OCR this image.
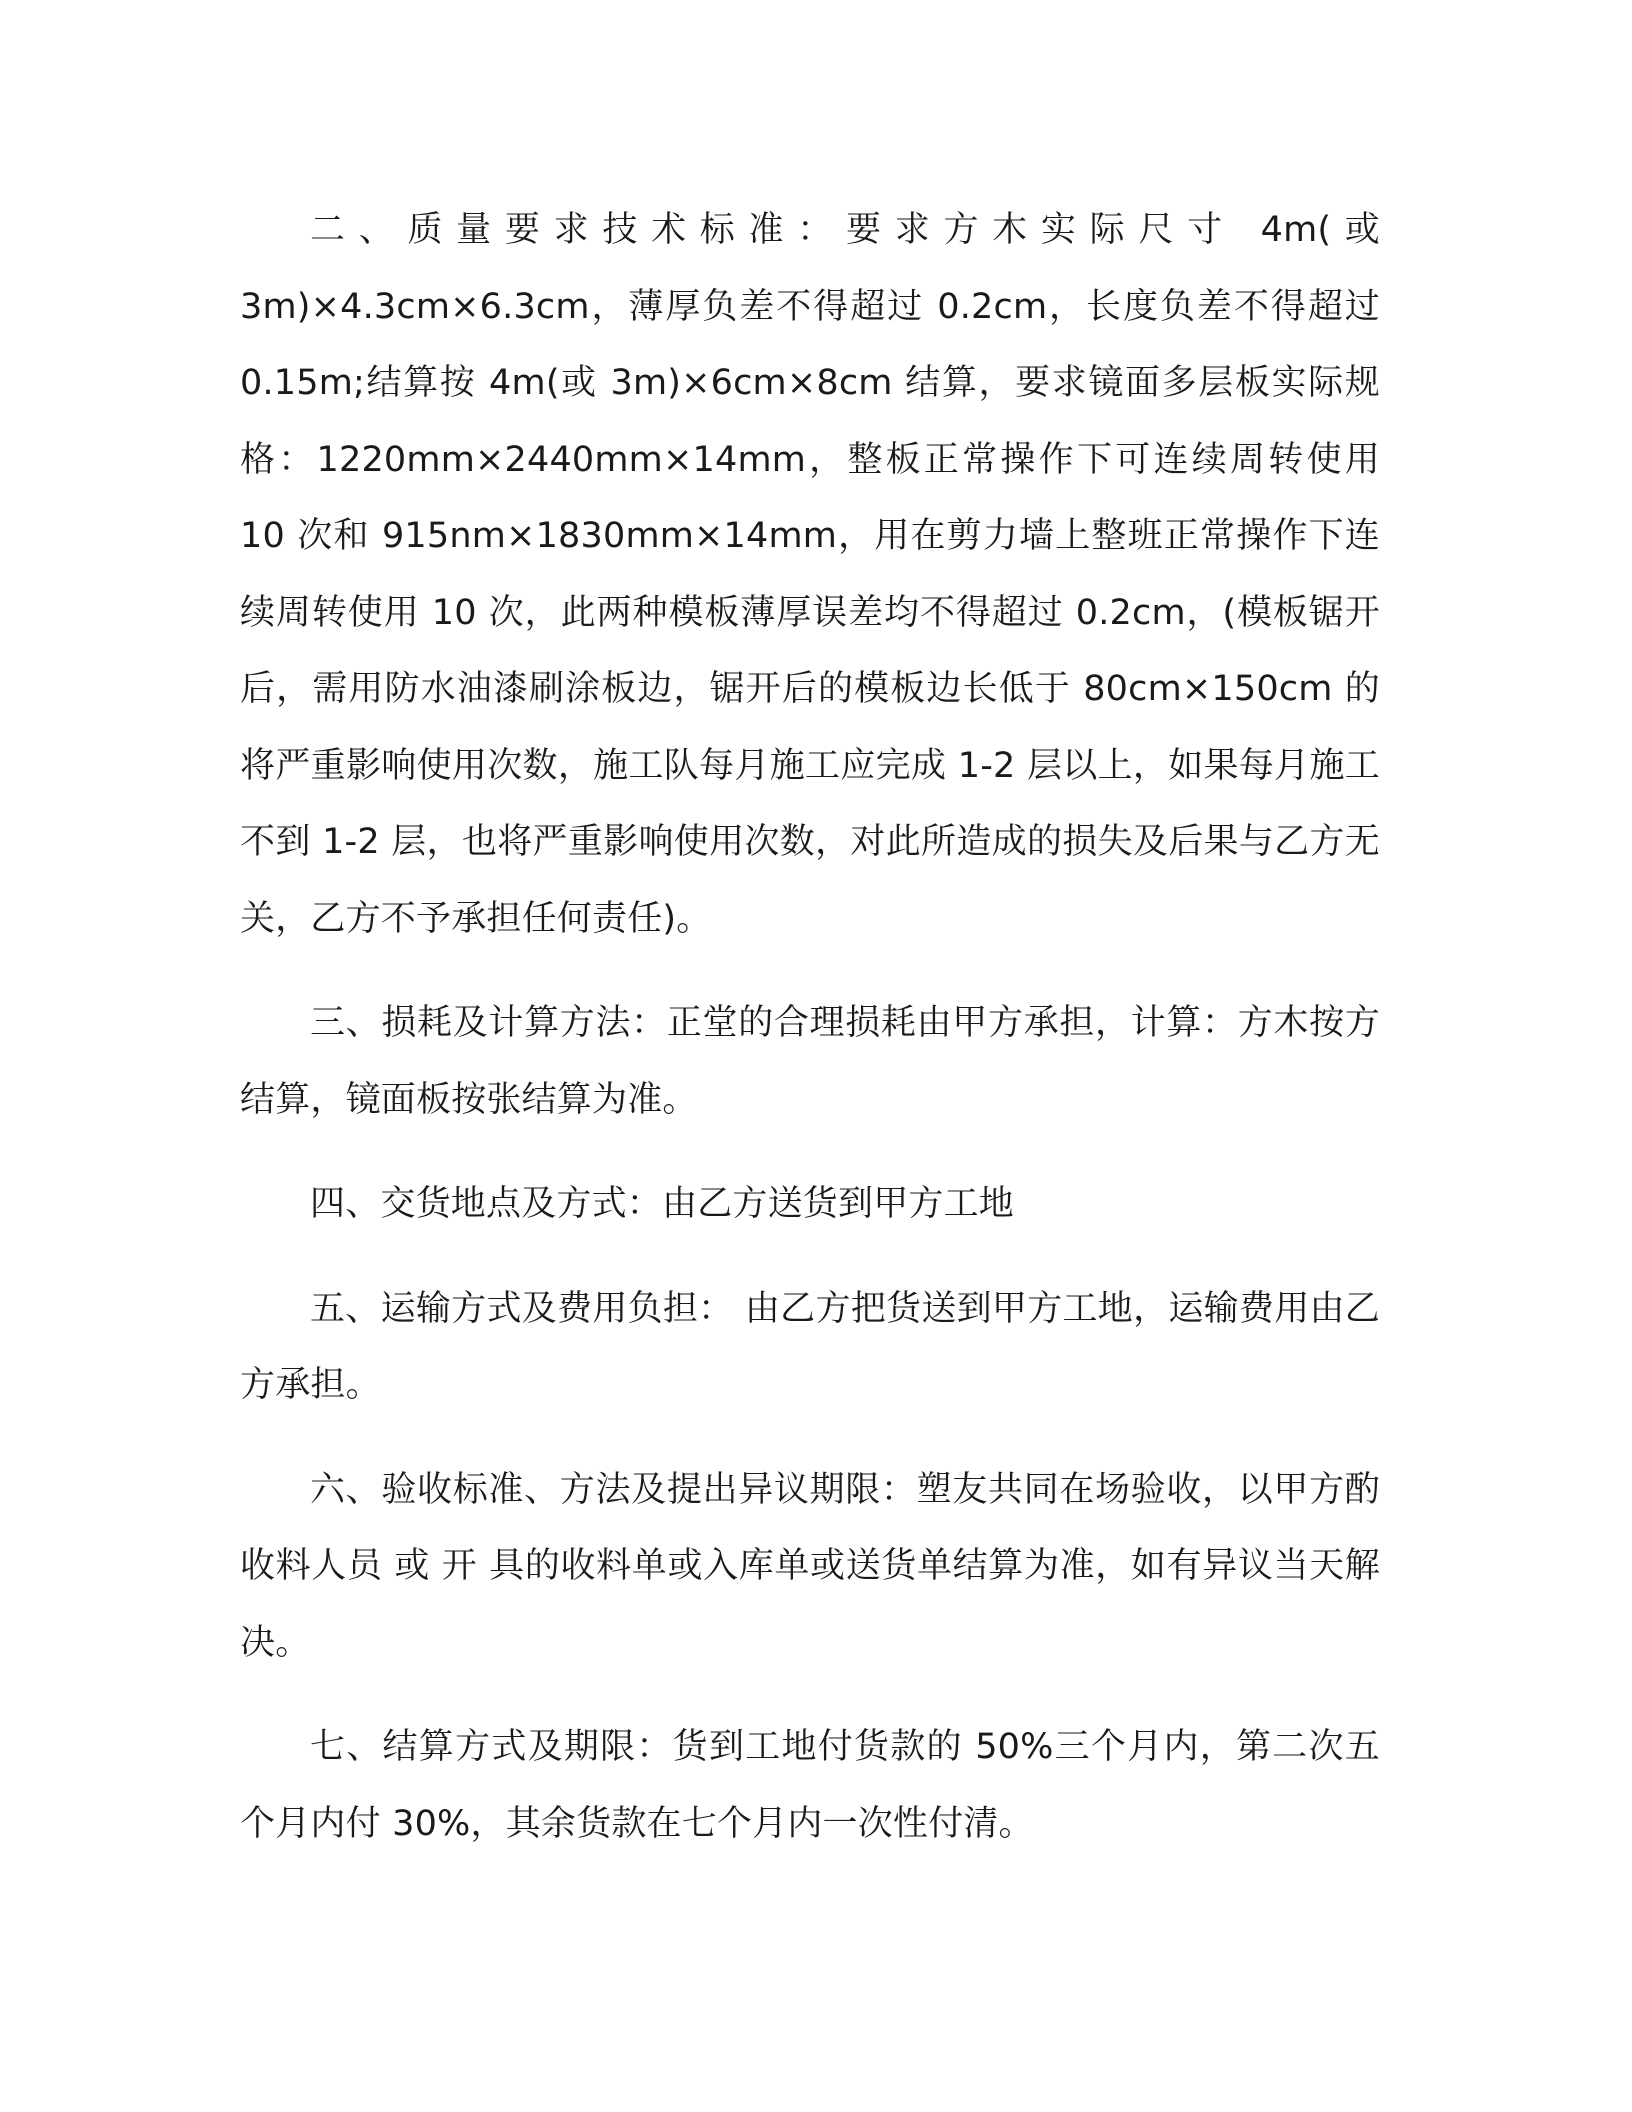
二、质量要求技术标准：要求方木实际尺寸 4m(或 3m)×4.3cm×6.3cm，薄厚负差不得超过 0.2cm，长度负差不得超过 0.15m;结算按 4m(或 3m)×6cm×8cm 结算，要求镜面多层板实际规格：1220mm×2440mm×14mm，整板正常操作下可连续周转使用 10 次和 915nm×1830mm×14mm，用在剪力墙上整班正常操作下连续周转使用 10 次，此两种模板薄厚误差均不得超过 0.2cm，(模板锯开后，需用防水油漆刷涂板边，锯开后的模板边长低于 80cm×150cm 的将严重影响使用次数，施工队每月施工应完成 1-2 层以上，如果每月施工不到 1-2 层，也将严重影响使用次数，对此所造成的损失及后果与乙方无关，乙方不予承担任何责任)。

三、损耗及计算方法：正堂的合理损耗由甲方承担，计算：方木按方结算，镜面板按张结算为准。

四、交货地点及方式：由乙方送货到甲方工地

五、运输方式及费用负担： 由乙方把货送到甲方工地，运输费用由乙方承担。

六、验收标准、方法及提出异议期限：塑友共同在场验收，以甲方酌收料人员 或 开 具的收料单或入库单或送货单结算为准，如有异议当天解决。

七、结算方式及期限：货到工地付货款的 50%三个月内，第二次五个月内付 30%，其余货款在七个月内一次性付清。
